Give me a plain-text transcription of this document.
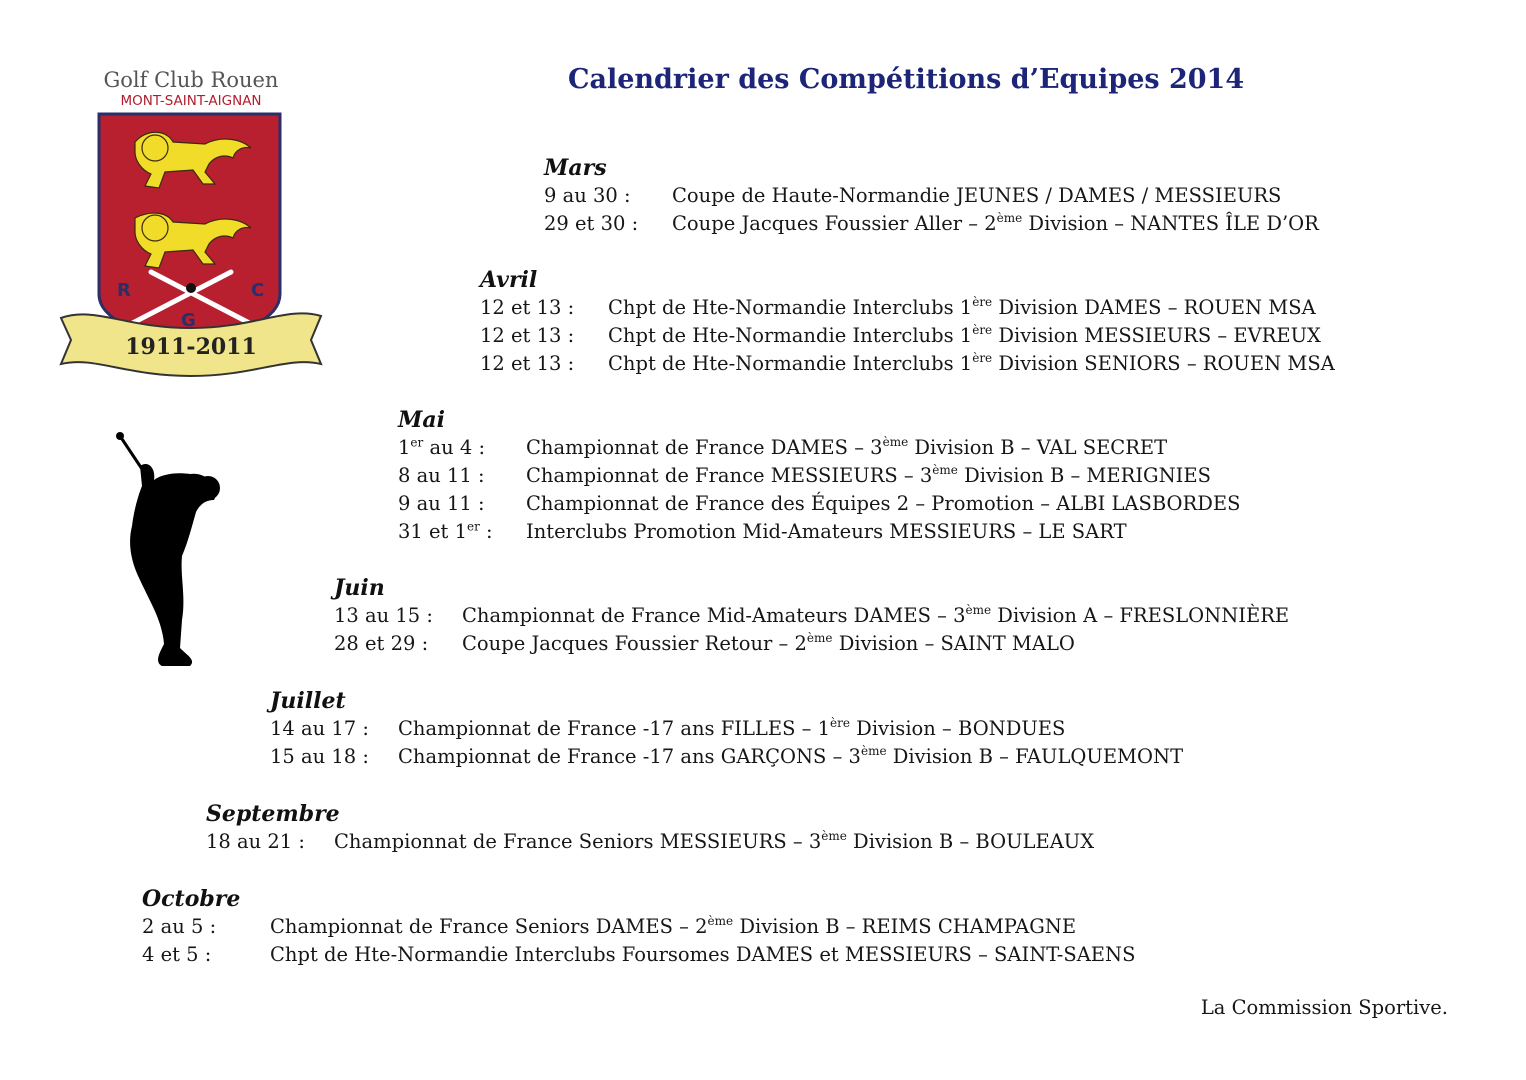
Calendrier des Compétitions d’Equipes 2014
Golf Club Rouen
MONT-SAINT-AIGNAN
R	C
G
1911-2011
Mars
9 au 30 :	Coupe de Haute-Normandie JEUNES / DAMES / MESSIEURS
29 et 30 :	Coupe Jacques Foussier Aller – 2ème Division – NANTES ÎLE D’OR
Avril
12 et 13 :	Chpt de Hte-Normandie Interclubs 1ère Division DAMES – ROUEN MSA
12 et 13 :	Chpt de Hte-Normandie Interclubs 1ère Division MESSIEURS – EVREUX
12 et 13 :	Chpt de Hte-Normandie Interclubs 1ère Division SENIORS – ROUEN MSA
Mai
1er au 4 :	Championnat de France DAMES – 3ème Division B – VAL SECRET
8 au 11 :	Championnat de France MESSIEURS – 3ème Division B – MERIGNIES
9 au 11 :	Championnat de France des Équipes 2 – Promotion – ALBI LASBORDES
31 et 1er :	Interclubs Promotion Mid-Amateurs MESSIEURS – LE SART
Juin
13 au 15 :	Championnat de France Mid-Amateurs DAMES – 3ème Division A – FRESLONNIÈRE
28 et 29 :	Coupe Jacques Foussier Retour – 2ème Division – SAINT MALO
Juillet
14 au 17 :	Championnat de France -17 ans FILLES – 1ère Division – BONDUES
15 au 18 :	Championnat de France -17 ans GARÇONS – 3ème Division B – FAULQUEMONT
Septembre
18 au 21 :	Championnat de France Seniors MESSIEURS – 3ème Division B – BOULEAUX
Octobre
2 au 5 :	Championnat de France Seniors DAMES – 2ème Division B – REIMS CHAMPAGNE
4 et 5 :	Chpt de Hte-Normandie Interclubs Foursomes DAMES et MESSIEURS – SAINT-SAENS
La Commission Sportive.
